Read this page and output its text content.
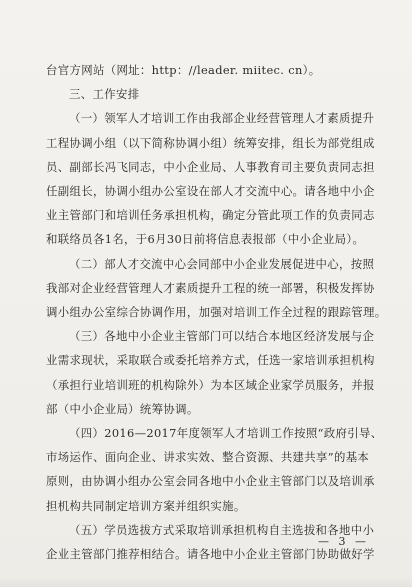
台官方网站（网址：http：//leader. miitec. cn）。

三、工作安排

（一）领军人才培训工作由我部企业经营管理人才素质提升

工程协调小组（以下简称协调小组）统筹安排，组长为部党组成

员、副部长冯飞同志，中小企业局、人事教育司主要负责同志担

任副组长，协调小组办公室设在部人才交流中心。请各地中小企

业主管部门和培训任务承担机构，确定分管此项工作的负责同志

和联络员各1名，于6月30日前将信息表报部（中小企业局）。

（二）部人才交流中心会同部中小企业发展促进中心，按照

我部对企业经营管理人才素质提升工程的统一部署，积极发挥协

调小组办公室综合协调作用，加强对培训工作全过程的跟踪管理。

（三）各地中小企业主管部门可以结合本地区经济发展与企

业需求现状，采取联合或委托培养方式，任选一家培训承担机构

（承担行业培训班的机构除外）为本区域企业家学员服务，并报

部（中小企业局）统筹协调。

（四）2016—2017年度领军人才培训工作按照“政府引导、

市场运作、面向企业、讲求实效、整合资源、共建共享”的基本

原则，由协调小组办公室会同各地中小企业主管部门以及培训承

担机构共同制定培训方案并组织实施。

（五）学员选拔方式采取培训承担机构自主选拔和各地中小

企业主管部门推荐相结合。请各地中小企业主管部门协助做好学

— 3 —
